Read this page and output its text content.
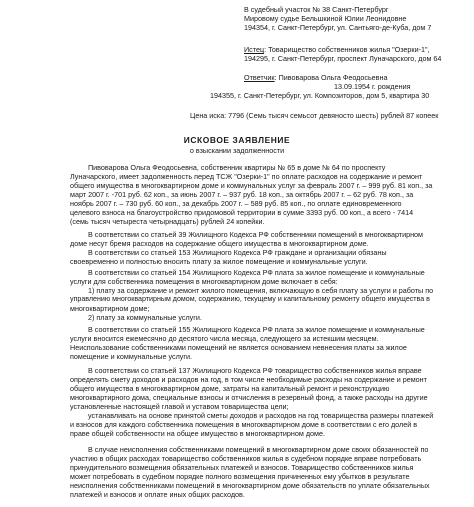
В судебный участок № 38 Санкт-Петербург
Мировому судье Бельшкиной Юлии Леонидовне
194354, г. Санкт-Петербург, ул. Сантьяго-де-Куба, дом 7
Истец: Товарищество собственников жилья "Озерки-1",
194295, г. Санкт-Петербург, проспект Луначарского, дом 64
Ответчик: Пивоварова Ольга Феодосьевна
13.09.1954 г. рождения
194355, г. Санкт-Петербург, ул. Композиторов, дом 5, квартира 30
Цена иска: 7796 (Семь тысяч семьсот девяносто шесть) рублей 87 копеек
ИСКОВОЕ ЗАЯВЛЕНИЕ
о взыскании задолженности
Пивоварова Ольга Феодосьевна, собственник квартиры № 65 в доме № 64 по проспекту
Луначарского, имеет задолженность перед ТСЖ "Озерки-1" по оплате расходов на содержание и ремонт
общего имущества в многоквартирном доме и коммунальных услуг за февраль 2007 г. – 999 руб. 81 коп., за
март 2007 г. -701 руб. 62 коп., за июнь 2007 г. – 937 руб. 18 коп., за октябрь 2007 г. – 62 руб. 78 коп., за
ноябрь 2007 г. – 730 руб. 60 коп., за декабрь 2007 г. – 589 руб. 85 коп., по оплате единовременного
целевого взноса на благоустройство придомовой территории в сумме 3393 руб. 00 коп., а всего - 7414
(семь тысяч четыреста четырнадцать) рублей 24 копейки.
В соответствии со статьей 39 Жилищного Кодекса РФ собственники помещений в многоквартирном
доме несут бремя расходов на содержание общего имущества в многоквартирном доме.
В соответствии со статьей 153 Жилищного Кодекса РФ граждане и организации обязаны
своевременно и полностью вносить плату за жилое помещение и коммунальные услуги.
В соответствии со статьей 154 Жилищного Кодекса РФ плата за жилое помещение и коммунальные
услуги для собственника помещения в многоквартирном доме включает в себя:
1) плату за содержание и ремонт жилого помещения, включающую в себя плату за услуги и работы по
управлению многоквартирным домом, содержанию, текущему и капитальному ремонту общего имущества в
многоквартирном доме;
2) плату за коммунальные услуги.
В соответствии со статьей 155 Жилищного Кодекса РФ плата за жилое помещение и коммунальные
услуги вносится ежемесячно до десятого числа месяца, следующего за истекшим месяцем.
Неиспользование собственниками помещений не является основанием невнесения платы за жилое
помещение и коммунальные услуги.
В соответствии со статьей 137 Жилищного Кодекса РФ товарищество собственников жилья вправе
определять смету доходов и расходов на год, в том числе необходимые расходы на содержание и ремонт
общего имущества в многоквартирном доме, затраты на капитальный ремонт и реконструкцию
многоквартирного дома, специальные взносы и отчисления в резервный фонд, а также расходы на другие
установленные настоящей главой и уставом товарищества цели;
устанавливать на основе принятой сметы доходов и расходов на год товарищества размеры платежей
и взносов для каждого собственника помещения в многоквартирном доме в соответствии с его долей в
праве общей собственности на общее имущество в многоквартирном доме.
В случае неисполнения собственниками помещений в многоквартирном доме своих обязанностей по
участию в общих расходах товарищество собственников жилья в судебном порядке вправе потребовать
принудительного возмещения обязательных платежей и взносов. Товарищество собственников жилья
может потребовать в судебном порядке полного возмещения причиненных ему убытков в результате
неисполнения собственниками помещений в многоквартирном доме обязательств по уплате обязательных
платежей и взносов и оплате иных общих расходов.
